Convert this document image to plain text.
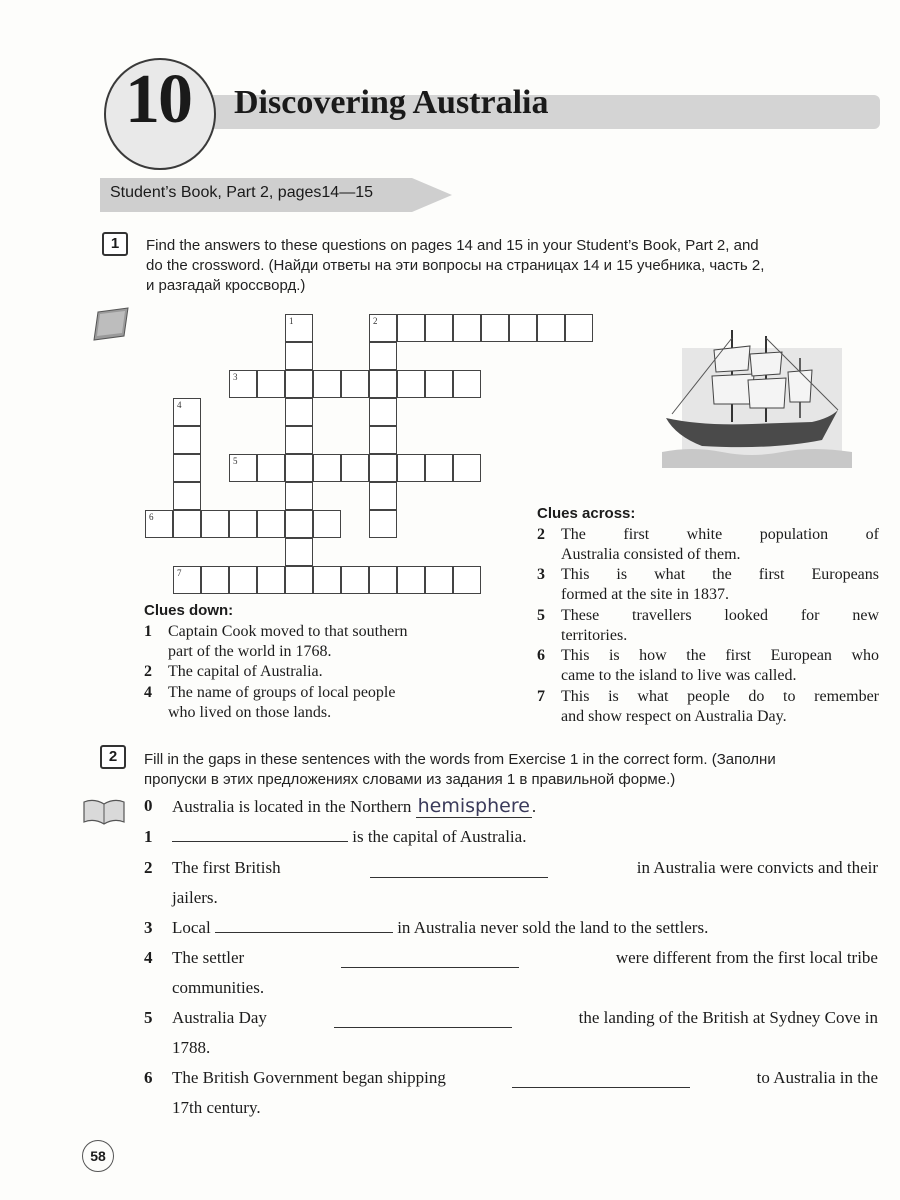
10	Discovering Australia
Student’s Book, Part 2, pages14—15
1	Find the answers to these questions on pages 14 and 15 in your Student’s Book, Part 2, and
do the crossword. (Найди ответы на эти вопросы на страницах 14 и 15 учебника, часть 2,
и разгадай кроссворд.)
1	2
3
4
5
6
7
Clues down:
1 Captain Cook moved to that southern
part of the world in 1768.
2 The capital of Australia.
4 The name of groups of local people
who lived on those lands.
Clues across:
2 The first white population of
Australia consisted of them.
3 This is what the first Europeans
formed at the site in 1837.
5 These travellers looked for new
territories.
6 This is how the first European who
came to the island to live was called.
7 This is what people do to remember
and show respect on Australia Day.
2	Fill in the gaps in these sentences with the words from Exercise 1 in the correct form. (Заполни
пропуски в этих предложениях словами из задания 1 в правильной форме.)
0 Australia is located in the Northern hemisphere .
1	is the capital of Australia.
2 The first British	in Australia were convicts and their
jailers.
3 Local	in Australia never sold the land to the settlers.
4 The settler	were different from the first local tribe
communities.
5 Australia Day	the landing of the British at Sydney Cove in
1788.
6 The British Government began shipping	to Australia in the
17th century.
58
